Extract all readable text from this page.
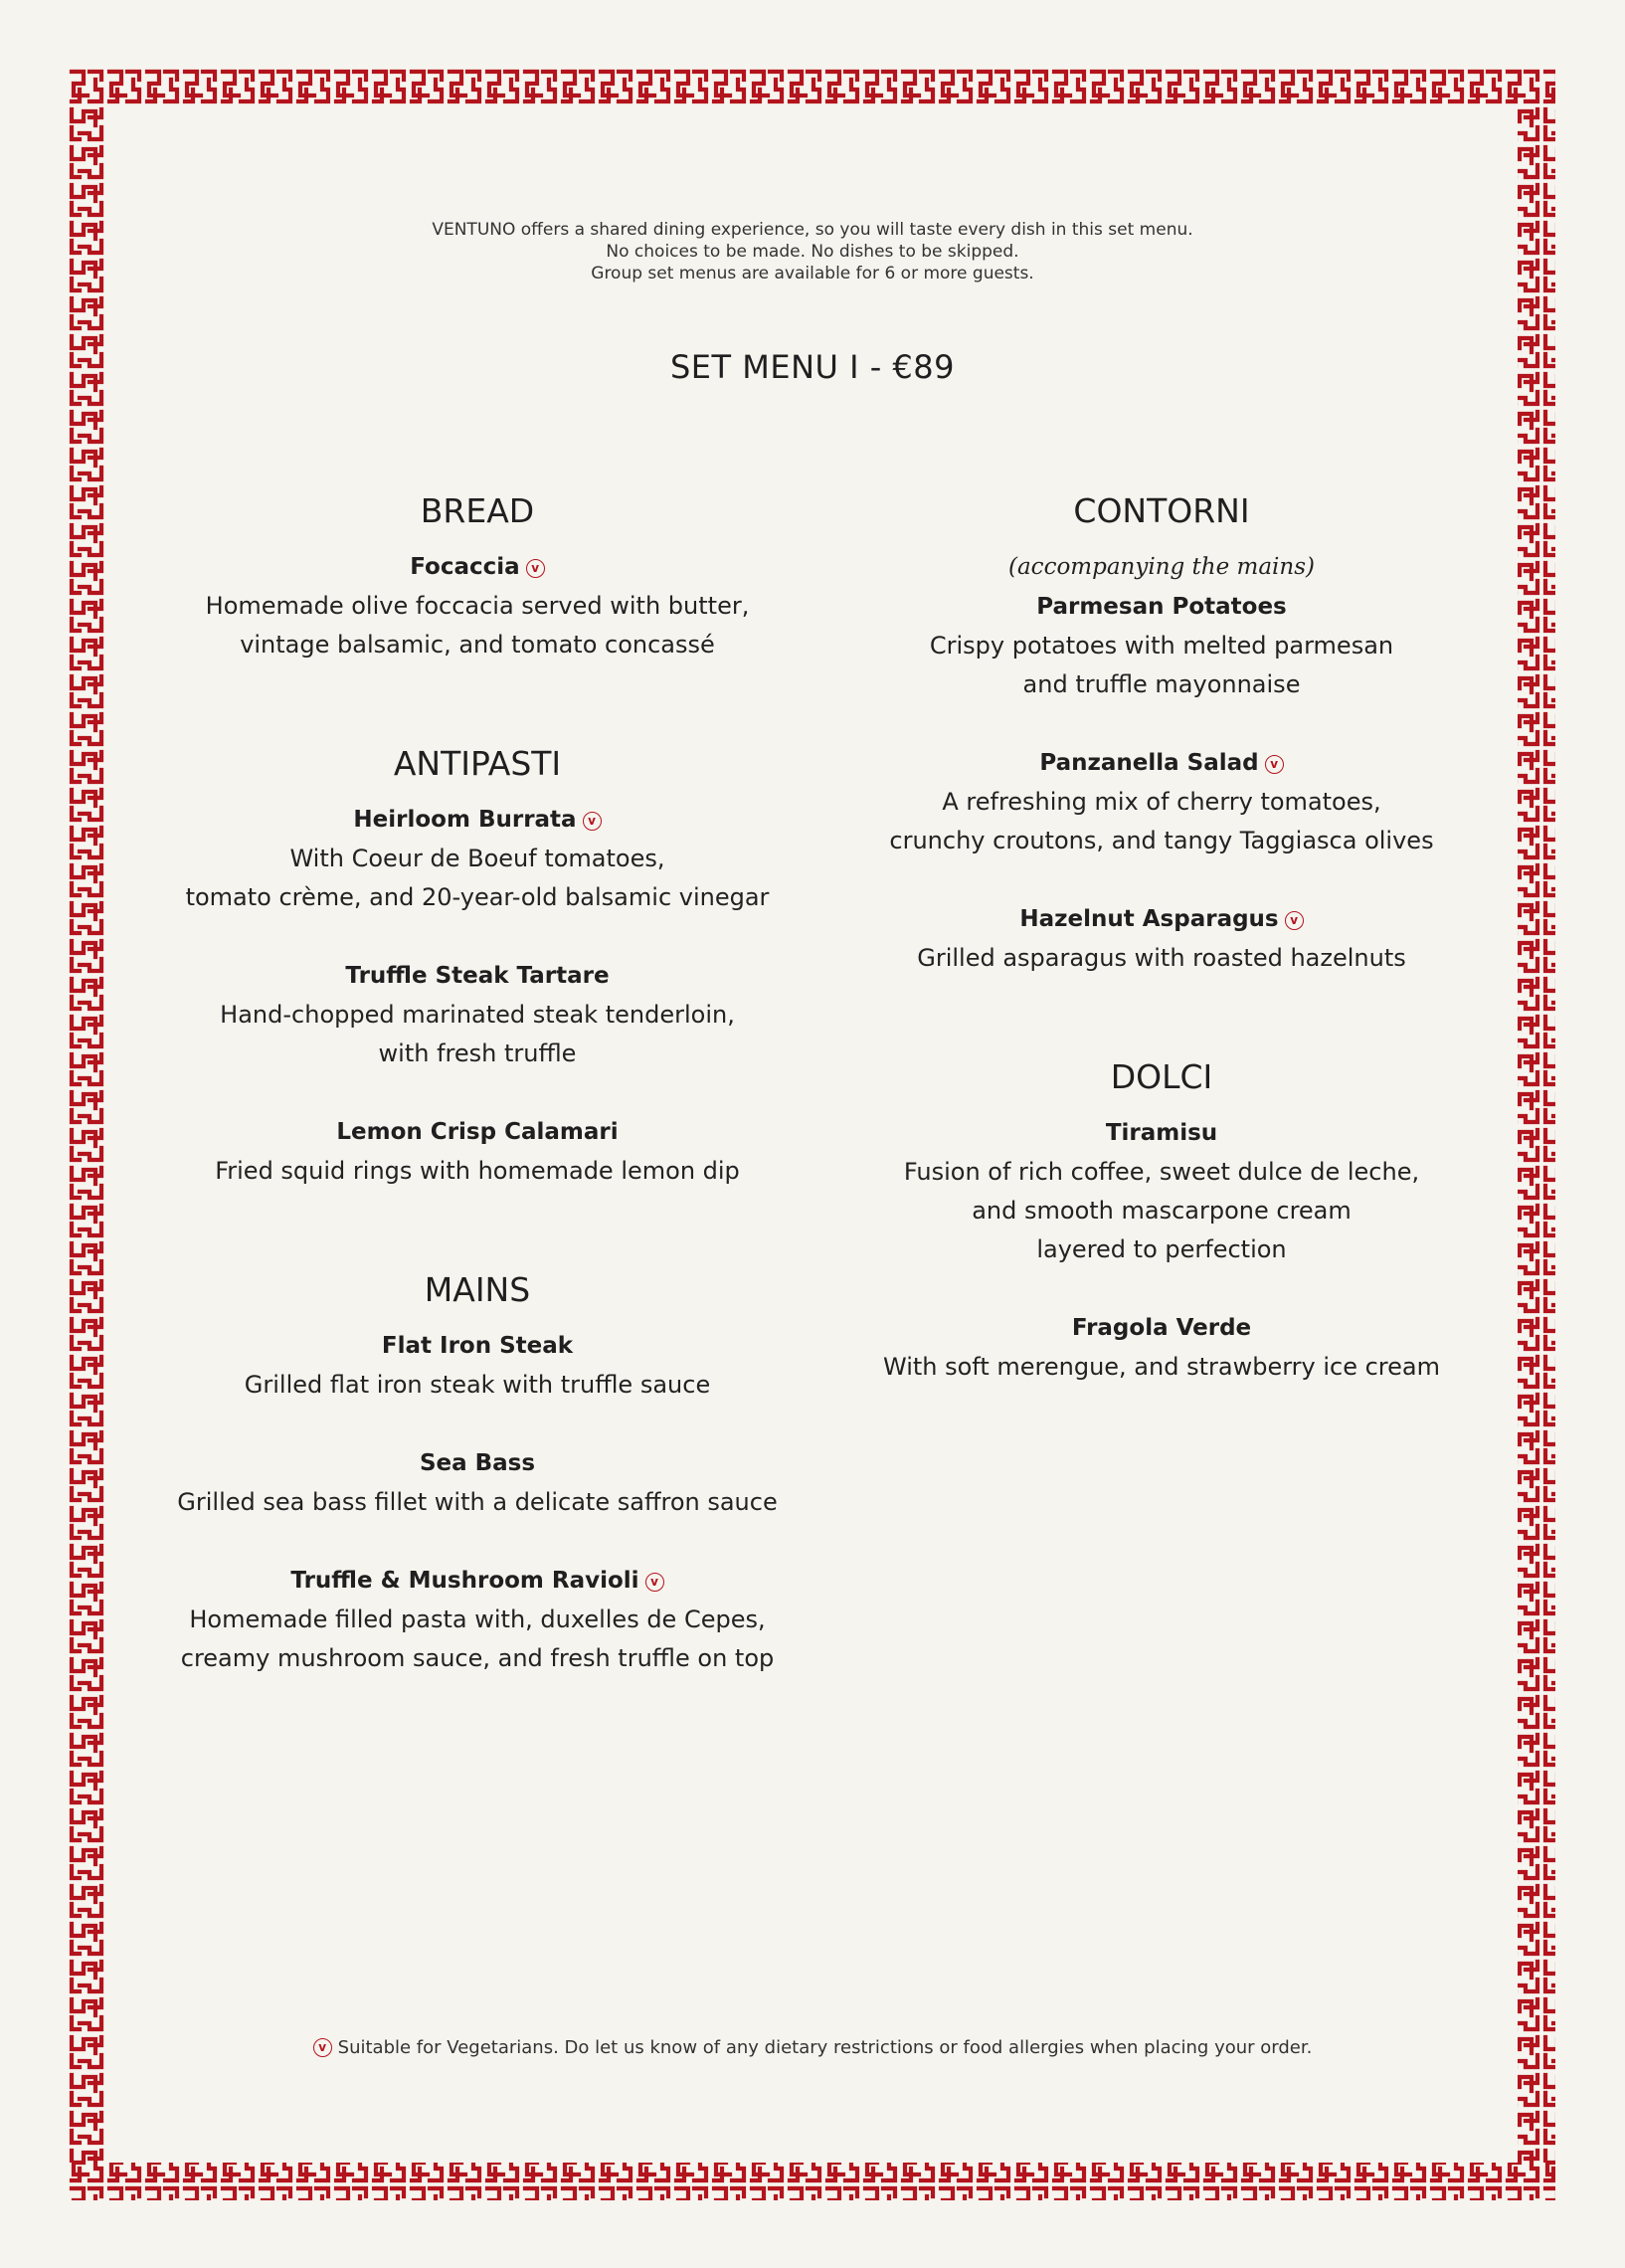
VENTUNO offers a shared dining experience, so you will taste every dish in this set menu.
No choices to be made. No dishes to be skipped.
Group set menus are available for 6 or more guests.
SET MENU I - €89
BREAD
Focaccia v
Homemade olive foccacia served with butter,
vintage balsamic, and tomato concassé
ANTIPASTI
Heirloom Burrata v
With Coeur de Boeuf tomatoes,
tomato crème, and 20-year-old balsamic vinegar
Truffle Steak Tartare
Hand-chopped marinated steak tenderloin,
with fresh truffle
Lemon Crisp Calamari
Fried squid rings with homemade lemon dip
MAINS
Flat Iron Steak
Grilled flat iron steak with truffle sauce
Sea Bass
Grilled sea bass fillet with a delicate saffron sauce
Truffle & Mushroom Ravioli v
Homemade filled pasta with, duxelles de Cepes,
creamy mushroom sauce, and fresh truffle on top
CONTORNI
(accompanying the mains)
Parmesan Potatoes
Crispy potatoes with melted parmesan
and truffle mayonnaise
Panzanella Salad v
A refreshing mix of cherry tomatoes,
crunchy croutons, and tangy Taggiasca olives
Hazelnut Asparagus v
Grilled asparagus with roasted hazelnuts
DOLCI
Tiramisu
Fusion of rich coffee, sweet dulce de leche,
and smooth mascarpone cream
layered to perfection
Fragola Verde
With soft merengue, and strawberry ice cream
v Suitable for Vegetarians. Do let us know of any dietary restrictions or food allergies when placing your order.
